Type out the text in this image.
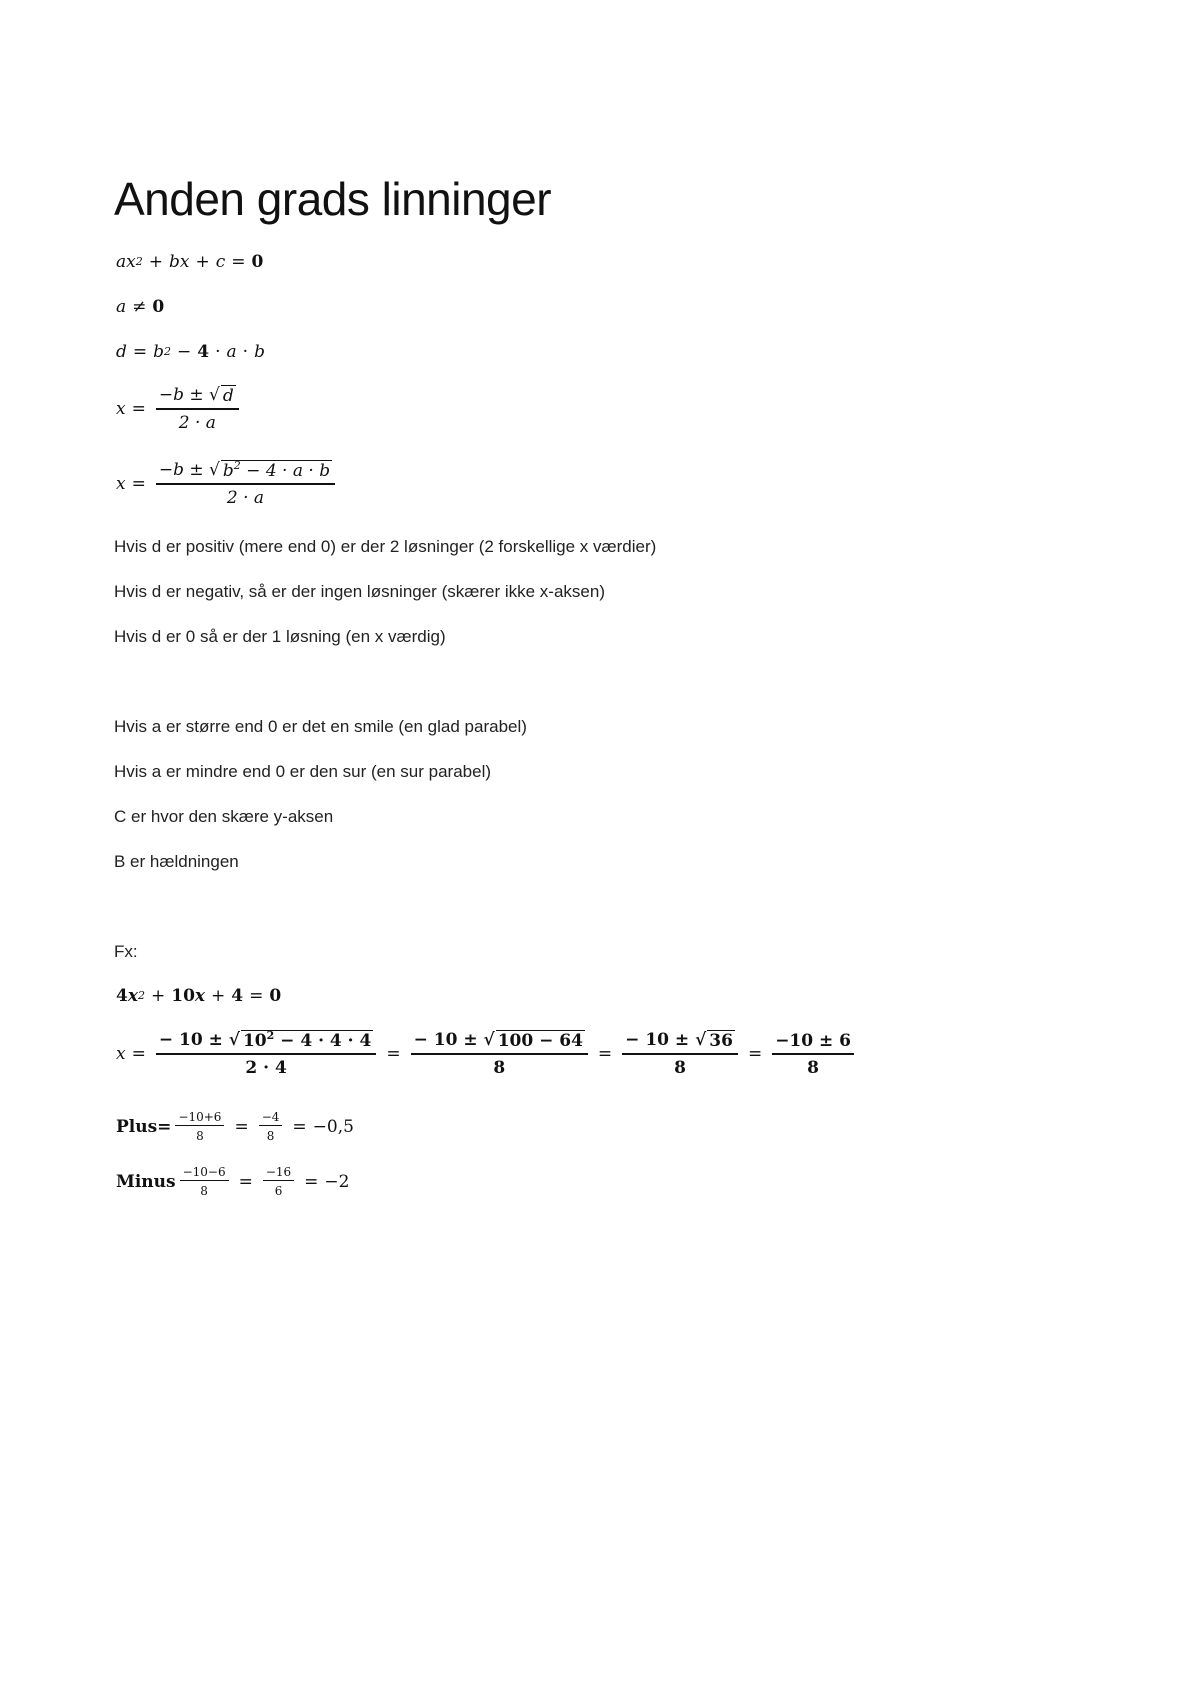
Anden grads linninger
a x 2 + b x + c = 0
a ≠ 0
d = b 2 − 4 · a · b
$x = \frac{-b \pm √ d}{2 \cdot a}$
$x = \frac{-b \pm √ b^2 - 4 \cdot a \cdot b}{2 \cdot a}$
Hvis d er positiv (mere end 0) er der 2 løsninger (2 forskellige x værdier)
Hvis d er negativ, så er der ingen løsninger (skærer ikke x-aksen)
Hvis d er 0 så er der 1 løsning (en x værdig)
Hvis a er større end 0 er det en smile (en glad parabel)
Hvis a er mindre end 0 er den sur (en sur parabel)
C er hvor den skære y-aksen
B er hældningen
Fx:
4 x 2 + 10 x + 4 = 0
$x = \frac{- 10 \pm √ 10^2 - 4 \cdot 4 \cdot 4}{2 \cdot 4} = \frac{- 10 \pm √ 100 - 64}{8} = \frac{- 10 \pm √ 36}{8} = \frac{-10 \pm 6}{8}$
Plus= $\frac{-10+6}{8} = \frac{-4}{8} = -0,5$
Minus $\frac{-10-6}{8} = \frac{-16}{6} = -2$
